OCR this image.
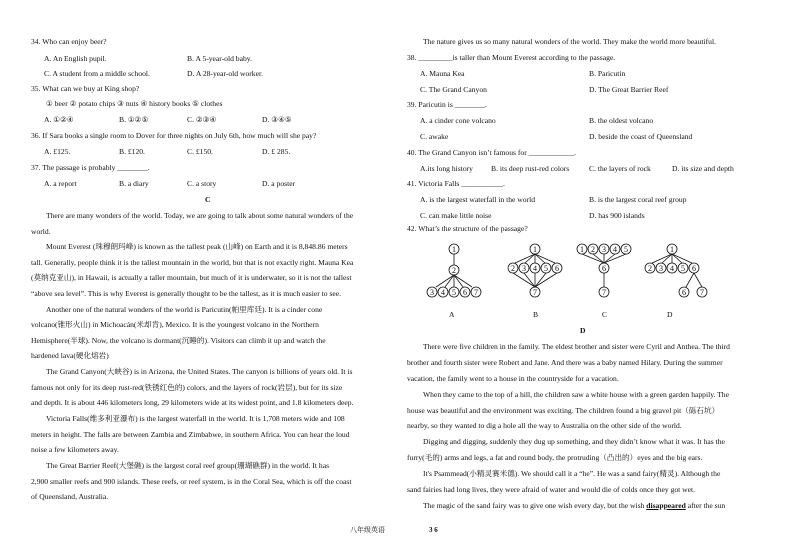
34. Who can enjoy beer?
A. An English pupil.	B. A 5-year-old baby.
C. A student from a middle school.	D. A 28-year-old worker.
35. What can we buy at King shop?
① beer ② potato chips ③ nuts ④ history books ⑤ clothes
A. ①②④	B. ①②⑤	C. ②③④	D. ③④⑤
36. If Sara books a single room to Dover for three nights on July 6th, how much will she pay?
A. £125.	B. £120.	C. £150.	D. £ 285.
37. The passage is probably ________.
A. a report	B. a diary	C. a story	D. a poster
C
There are many wonders of the world. Today, we are going to talk about some natural wonders of the
world.
Mount Everest (珠穆朗玛峰) is known as the tallest peak (山峰) on Earth and it is 8,848.86 meters
tall. Generally, people think it is the tallest mountain in the world, but that is not exactly right. Mauna Kea
(莫纳克亚山), in Hawaii, is actually a taller mountain, but much of it is underwater, so it is not the tallest
“above sea level”. This is why Everest is generally thought to be the tallest, as it is much easier to see.
Another one of the natural wonders of the world is Paricutin(帕里库廷). It is a cinder cone
volcano(锥形火山) in Michoacán(米却肯), Mexico. It is the youngest volcano in the Northern
Hemisphere(半球). Now, the volcano is dormant(沉睡的). Visitors can climb it up and watch the
hardened lava(硬化熔岩)
The Grand Canyon(大峡谷) is in Arizona, the United States. The canyon is billions of years old. It is
famous not only for its deep rust-red(铁锈红色的) colors, and the layers of rock(岩层), but for its size
and depth. It is about 446 kilometers long, 29 kilometers wide at its widest point, and 1.8 kilometers deep.
Victoria Falls(维多利亚瀑布) is the largest waterfall in the world. It is 1,708 meters wide and 108
meters in height. The falls are between Zambia and Zimbabwe, in southern Africa. You can hear the loud
noise a few kilometers away.
The Great Barrier Reef(大堡礁) is the largest coral reef group(珊瑚礁群) in the world. It has
2,900 smaller reefs and 900 islands. These reefs, or reef system, is in the Coral Sea, which is off the coast
of Queensland, Australia.
The nature gives us so many natural wonders of the world. They make the world more beautiful.
38. _________is taller than Mount Everest according to the passage.
A. Mauna Kea	B. Paricutin
C. The Grand Canyon	D. The Great Barrier Reef
39. Paricutin is ________.
A. a cinder cone volcano	B. the oldest volcano
C. awake	D. beside the coast of Queensland
40. The Grand Canyon isn’t famous for ____________.
A.its long history B. its deep rust-red colors	C. the layers of rock	D. its size and depth
41. Victoria Falls ___________.
A. is the largest waterfall in the world	B. is the largest coral reef group
C. can make little noise	D. has 900 islands
42. What’s the structure of the passage?
1
2
3 4 5 6 7
1
2 3 4 5 6
7
1 2 3 4 5
6
7
1
2 3 4 5 6
6 7
A	B	C	D
D
There were five children in the family. The eldest brother and sister were Cyril and Anthea. The third
brother and fourth sister were Robert and Jane. And there was a baby named Hilary. During the summer
vacation, the family went to a house in the countryside for a vacation.
When they came to the top of a hill, the children saw a white house with a green garden happily. The
house was beautiful and the environment was exciting. The children found a big gravel pit（砾石坑）
nearby, so they wanted to dig a hole all the way to Australia on the other side of the world.
Digging and digging, suddenly they dug up something, and they didn’t know what it was. It has the
furry(毛的) arms and legs, a fat and round body, the protruding（凸出的）eyes and the big ears.
It's Psammead(小精灵赛米德). We should call it a “he”. He was a sand fairy(精灵). Although the
sand fairies had long lives, they were afraid of water and would die of colds once they got wet.
The magic of the sand fairy was to give one wish every day, but the wish disappeared after the sun
八年级英语	3 6
